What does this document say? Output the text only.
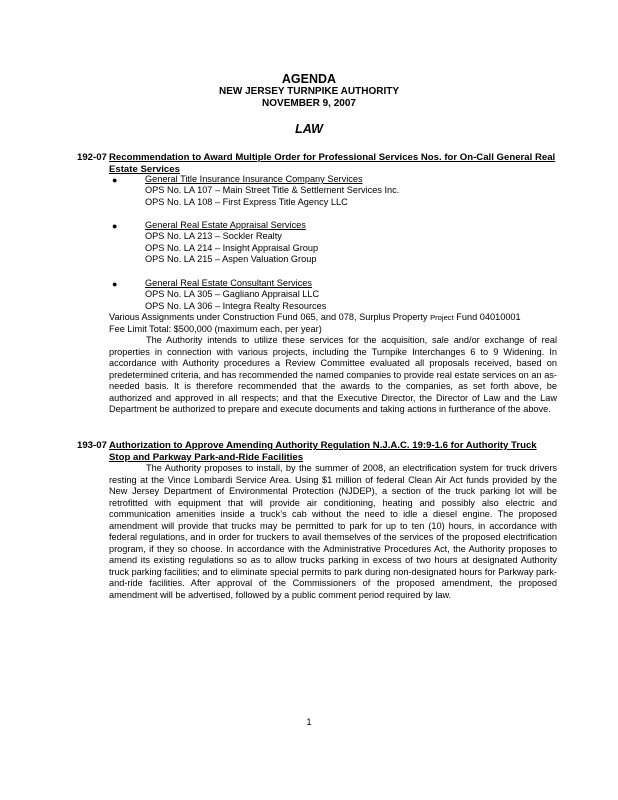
AGENDA
NEW JERSEY TURNPIKE AUTHORITY
NOVEMBER 9, 2007
LAW
192-07 Recommendation to Award Multiple Order for Professional Services Nos. for On-Call General Real Estate Services
●	General Title Insurance Insurance Company Services
OPS No. LA 107 – Main Street Title & Settlement Services Inc.
OPS No. LA 108 – First Express Title Agency LLC
●	General Real Estate Appraisal Services
OPS No. LA 213 – Sockler Realty
OPS No. LA 214 – Insight Appraisal Group
OPS No. LA 215 – Aspen Valuation Group
●	General Real Estate Consultant Services
OPS No. LA 305 – Gagliano Appraisal LLC
OPS No. LA 306 – Integra Realty Resources
Various Assignments under Construction Fund 065, and 078, Surplus Property Project Fund 04010001
Fee Limit Total: $500,000 (maximum each, per year)

The Authority intends to utilize these services for the acquisition, sale and/or exchange of real properties in connection with various projects, including the Turnpike Interchanges 6 to 9 Widening. In accordance with Authority procedures a Review Committee evaluated all proposals received, based on predetermined criteria, and has recommended the named companies to provide real estate services on an as-needed basis. It is therefore recommended that the awards to the companies, as set forth above, be authorized and approved in all respects; and that the Executive Director, the Director of Law and the Law Department be authorized to prepare and execute documents and taking actions in furtherance of the above.

193-07 Authorization to Approve Amending Authority Regulation N.J.A.C. 19:9-1.6 for Authority Truck Stop and Parkway Park-and-Ride Facilities

The Authority proposes to install, by the summer of 2008, an electrification system for truck drivers resting at the Vince Lombardi Service Area. Using $1 million of federal Clean Air Act funds provided by the New Jersey Department of Environmental Protection (NJDEP), a section of the truck parking lot will be retrofitted with equipment that will provide air conditioning, heating and possibly also electric and communication amenities inside a truck’s cab without the need to idle a diesel engine. The proposed amendment will provide that trucks may be permitted to park for up to ten (10) hours, in accordance with federal regulations, and in order for truckers to avail themselves of the services of the proposed electrification program, if they so choose. In accordance with the Administrative Procedures Act, the Authority proposes to amend its existing regulations so as to allow trucks parking in excess of two hours at designated Authority truck parking facilities; and to eliminate special permits to park during non-designated hours for Parkway park-and-ride facilities. After approval of the Commissioners of the proposed amendment, the proposed amendment will be advertised, followed by a public comment period required by law.

1
